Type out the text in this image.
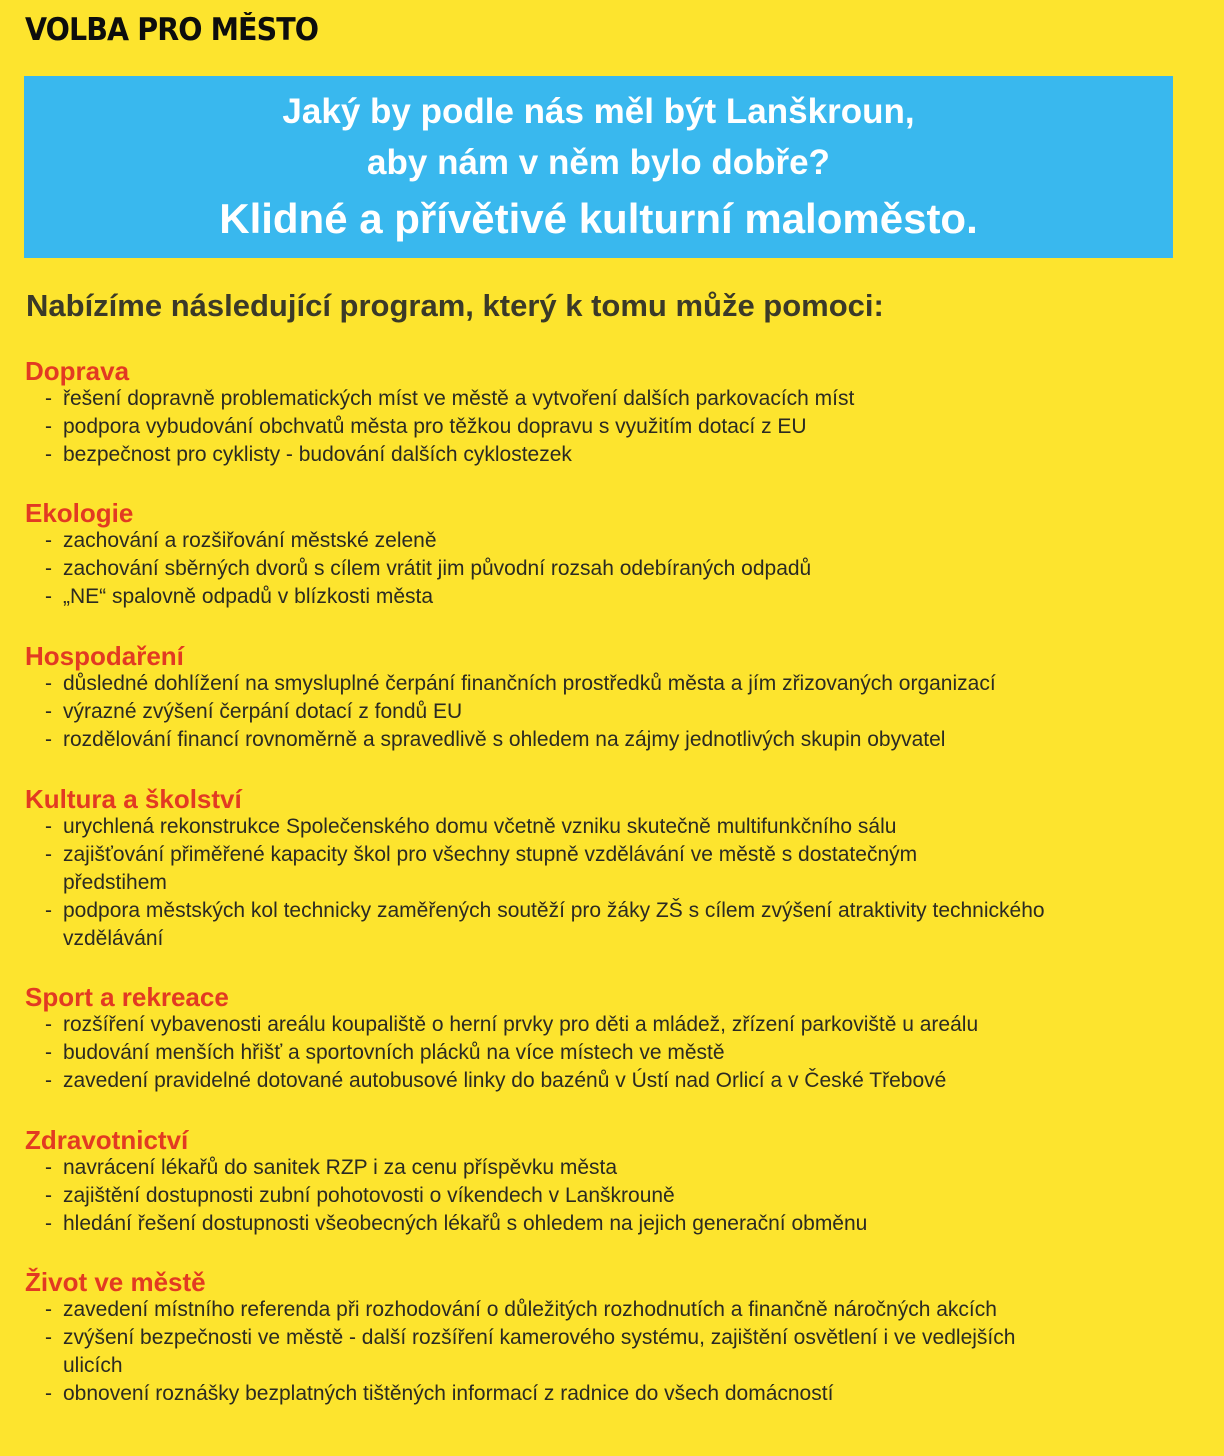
VOLBA PRO MĚSTO
Jaký by podle nás měl být Lanškroun,
aby nám v něm bylo dobře?
Klidné a přívětivé kulturní maloměsto.
Nabízíme následující program, který k tomu může pomoci:
Doprava
- řešení dopravně problematických míst ve městě a vytvoření dalších parkovacích míst
- podpora vybudování obchvatů města pro těžkou dopravu s využitím dotací z EU
- bezpečnost pro cyklisty - budování dalších cyklostezek
Ekologie
- zachování a rozšiřování městské zeleně
- zachování sběrných dvorů s cílem vrátit jim původní rozsah odebíraných odpadů
- „NE“ spalovně odpadů v blízkosti města
Hospodaření
- důsledné dohlížení na smysluplné čerpání finančních prostředků města a jím zřizovaných organizací
- výrazné zvýšení čerpání dotací z fondů EU
- rozdělování financí rovnoměrně a spravedlivě s ohledem na zájmy jednotlivých skupin obyvatel
Kultura a školství
- urychlená rekonstrukce Společenského domu včetně vzniku skutečně multifunkčního sálu
- zajišťování přiměřené kapacity škol pro všechny stupně vzdělávání ve městě s dostatečným předstihem
- podpora městských kol technicky zaměřených soutěží pro žáky ZŠ s cílem zvýšení atraktivity technického vzdělávání
Sport a rekreace
- rozšíření vybavenosti areálu koupaliště o herní prvky pro děti a mládež, zřízení parkoviště u areálu
- budování menších hřišť a sportovních plácků na více místech ve městě
- zavedení pravidelné dotované autobusové linky do bazénů v Ústí nad Orlicí a v České Třebové
Zdravotnictví
- navrácení lékařů do sanitek RZP i za cenu příspěvku města
- zajištění dostupnosti zubní pohotovosti o víkendech v Lanškrouně
- hledání řešení dostupnosti všeobecných lékařů s ohledem na jejich generační obměnu
Život ve městě
- zavedení místního referenda při rozhodování o důležitých rozhodnutích a finančně náročných akcích
- zvýšení bezpečnosti ve městě - další rozšíření kamerového systému, zajištění osvětlení i ve vedlejších ulicích
- obnovení roznášky bezplatných tištěných informací z radnice do všech domácností
